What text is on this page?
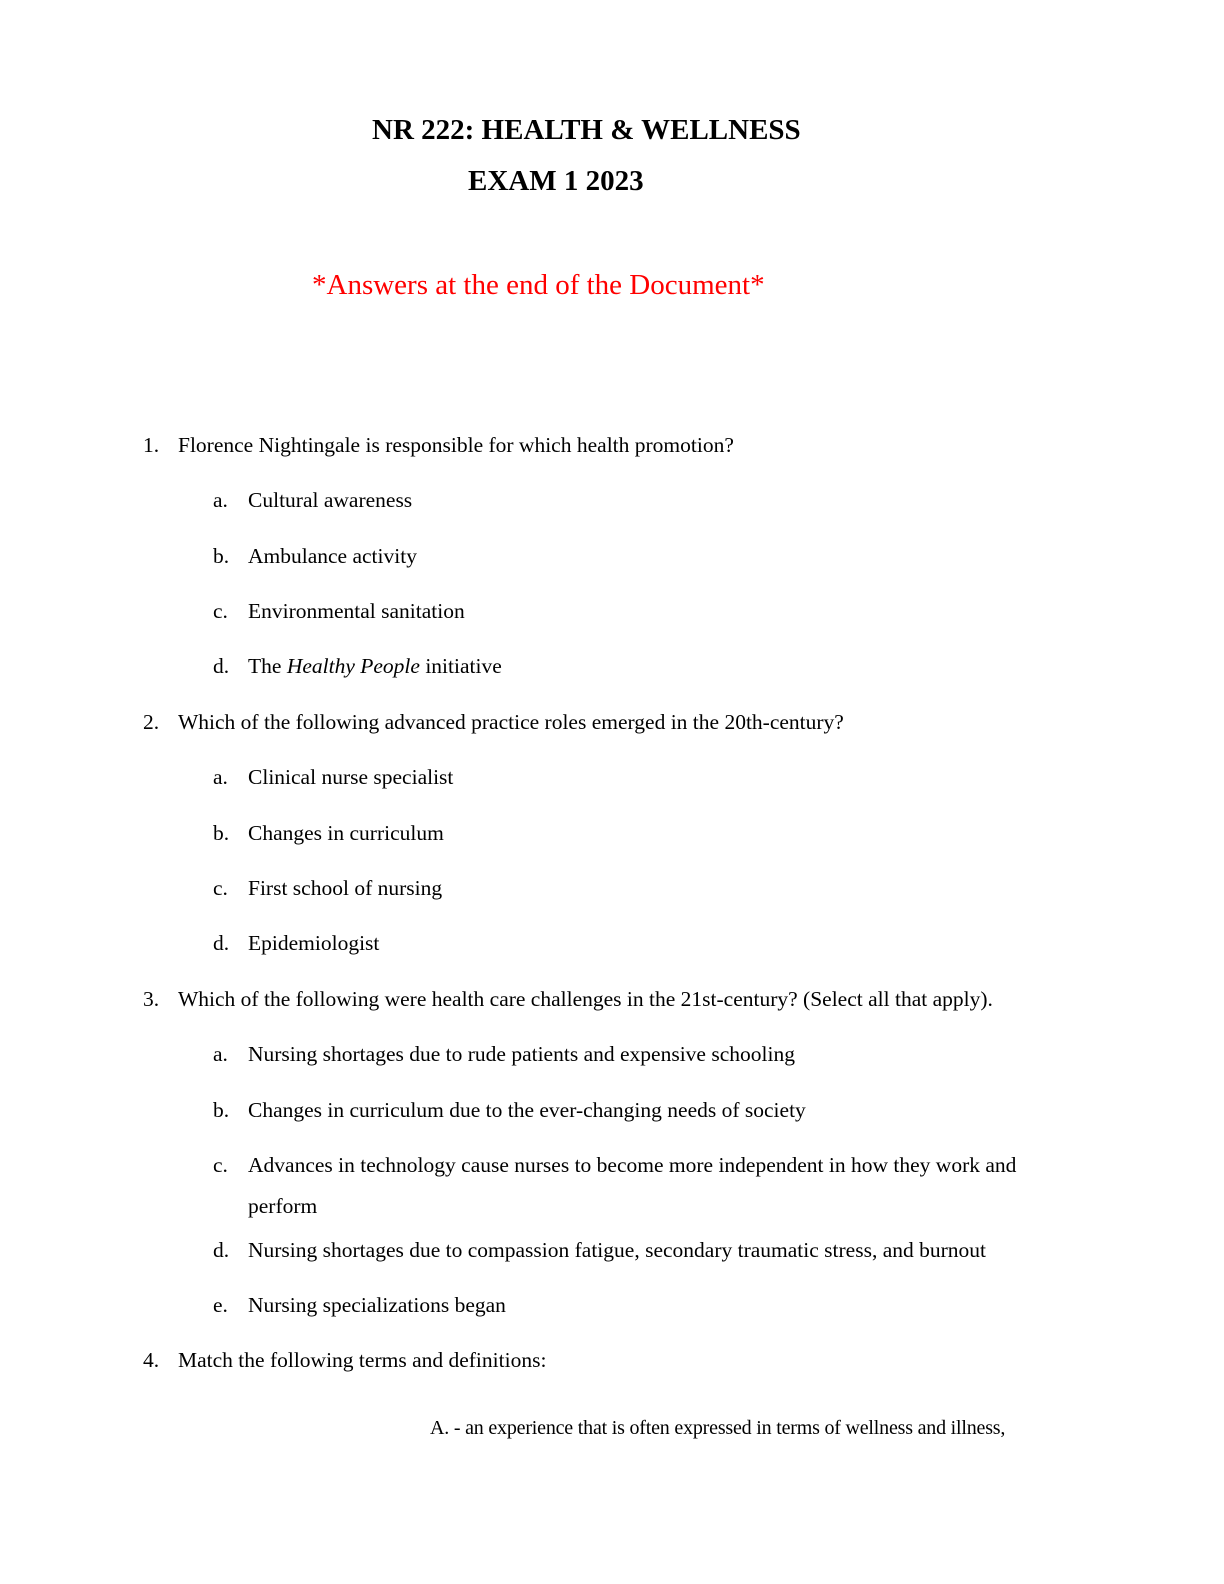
NR 222: HEALTH & WELLNESS
EXAM 1 2023
*Answers at the end of the Document*
1. Florence Nightingale is responsible for which health promotion?
a. Cultural awareness
b. Ambulance activity
c. Environmental sanitation
d. The Healthy People initiative
2. Which of the following advanced practice roles emerged in the 20th-century?
a. Clinical nurse specialist
b. Changes in curriculum
c. First school of nursing
d. Epidemiologist
3. Which of the following were health care challenges in the 21st-century? (Select all that apply).
a. Nursing shortages due to rude patients and expensive schooling
b. Changes in curriculum due to the ever-changing needs of society
c. Advances in technology cause nurses to become more independent in how they work and
perform
d. Nursing shortages due to compassion fatigue, secondary traumatic stress, and burnout
e. Nursing specializations began
4. Match the following terms and definitions:
A. - an experience that is often expressed in terms of wellness and illness,
